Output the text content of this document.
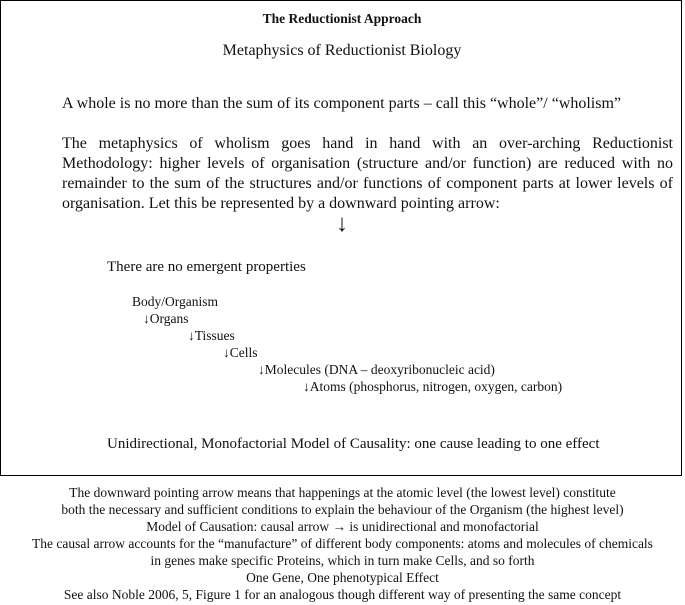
The Reductionist Approach
Metaphysics of Reductionist Biology
A whole is no more than the sum of its component parts – call this “whole”/ “wholism”
The metaphysics of wholism goes hand in hand with an over-arching Reductionist Methodology: higher levels of organisation (structure and/or function) are reduced with no remainder to the sum of the structures and/or functions of component parts at lower levels of organisation. Let this be represented by a downward pointing arrow:
↓
There are no emergent properties
Body/Organism
↓Organs
↓Tissues
↓Cells
↓Molecules (DNA – deoxyribonucleic acid)
↓Atoms (phosphorus, nitrogen, oxygen, carbon)
Unidirectional, Monofactorial Model of Causality: one cause leading to one effect
The downward pointing arrow means that happenings at the atomic level (the lowest level) constitute
both the necessary and sufficient conditions to explain the behaviour of the Organism (the highest level)
Model of Causation: causal arrow → is unidirectional and monofactorial
The causal arrow accounts for the “manufacture” of different body components: atoms and molecules of chemicals
in genes make specific Proteins, which in turn make Cells, and so forth
One Gene, One phenotypical Effect
See also Noble 2006, 5, Figure 1 for an analogous though different way of presenting the same concept
